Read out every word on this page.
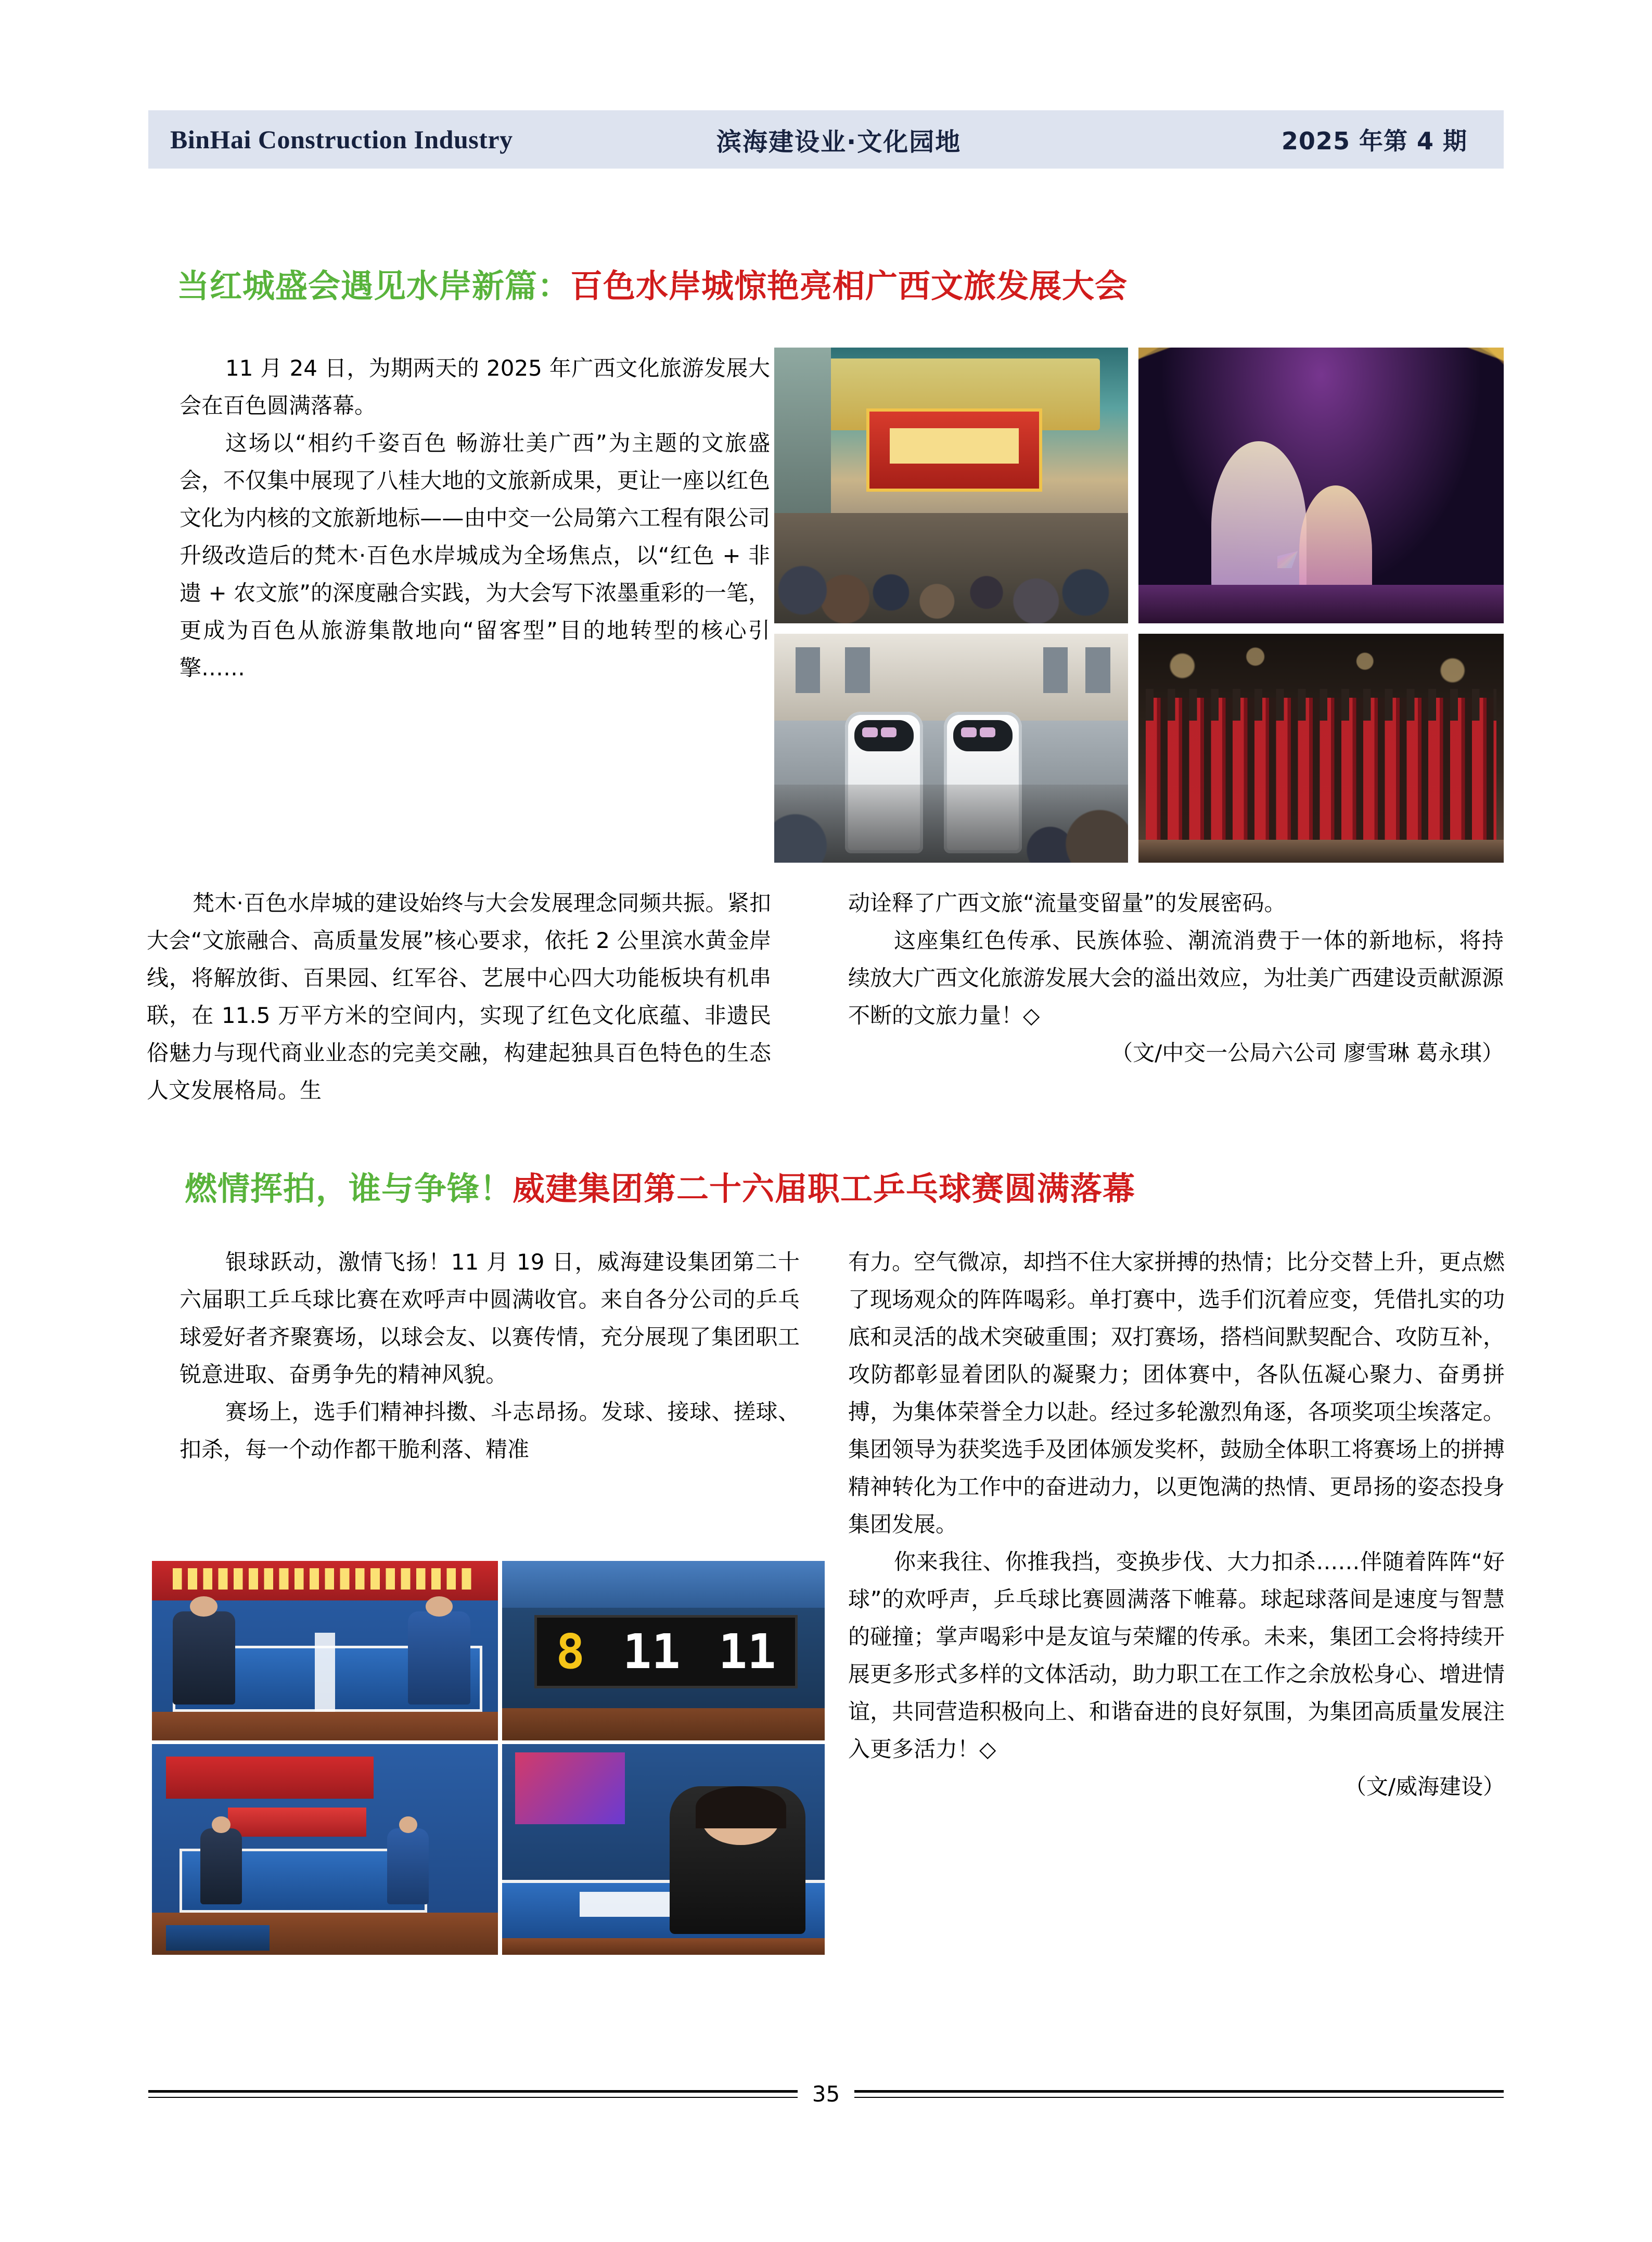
BinHai Construction Industry	滨海建设业·文化园地	2025 年第 4 期
当红城盛会遇见水岸新篇：百色水岸城惊艳亮相广西文旅发展大会

11 月 24 日，为期两天的 2025 年广西文化旅游发展大会在百色圆满落幕。

这场以“相约千姿百色 畅游壮美广西”为主题的文旅盛会，不仅集中展现了八桂大地的文旅新成果，更让一座以红色文化为内核的文旅新地标——由中交一公局第六工程有限公司升级改造后的梵木·百色水岸城成为全场焦点，以“红色 + 非遗 + 农文旅”的深度融合实践，为大会写下浓墨重彩的一笔，更成为百色从旅游集散地向“留客型”目的地转型的核心引擎……

梵木·百色水岸城的建设始终与大会发展理念同频共振。紧扣大会“文旅融合、高质量发展”核心要求，依托 2 公里滨水黄金岸线，将解放街、百果园、红军谷、艺展中心四大功能板块有机串联，在 11.5 万平方米的空间内，实现了红色文化底蕴、非遗民俗魅力与现代商业业态的完美交融，构建起独具百色特色的生态人文发展格局。生

动诠释了广西文旅“流量变留量”的发展密码。

这座集红色传承、民族体验、潮流消费于一体的新地标，将持续放大广西文化旅游发展大会的溢出效应，为壮美广西建设贡献源源不断的文旅力量！◇

（文/中交一公局六公司 廖雪琳 葛永琪）

燃情挥拍，谁与争锋！威建集团第二十六届职工乒乓球赛圆满落幕

银球跃动，激情飞扬！11 月 19 日，威海建设集团第二十六届职工乒乓球比赛在欢呼声中圆满收官。来自各分公司的乒乓球爱好者齐聚赛场，以球会友、以赛传情，充分展现了集团职工锐意进取、奋勇争先的精神风貌。

赛场上，选手们精神抖擞、斗志昂扬。发球、接球、搓球、扣杀，每一个动作都干脆利落、精准

有力。空气微凉，却挡不住大家拼搏的热情；比分交替上升，更点燃了现场观众的阵阵喝彩。单打赛中，选手们沉着应变，凭借扎实的功底和灵活的战术突破重围；双打赛场，搭档间默契配合、攻防互补，攻防都彰显着团队的凝聚力；团体赛中，各队伍凝心聚力、奋勇拼搏，为集体荣誉全力以赴。经过多轮激烈角逐，各项奖项尘埃落定。集团领导为获奖选手及团体颁发奖杯，鼓励全体职工将赛场上的拼搏精神转化为工作中的奋进动力，以更饱满的热情、更昂扬的姿态投身集团发展。

你来我往、你推我挡，变换步伐、大力扣杀……伴随着阵阵“好球”的欢呼声，乒乓球比赛圆满落下帷幕。球起球落间是速度与智慧的碰撞；掌声喝彩中是友谊与荣耀的传承。未来，集团工会将持续开展更多形式多样的文体活动，助力职工在工作之余放松身心、增进情谊，共同营造积极向上、和谐奋进的良好氛围，为集团高质量发展注入更多活力！◇

（文/威海建设）

8 11 11
35
